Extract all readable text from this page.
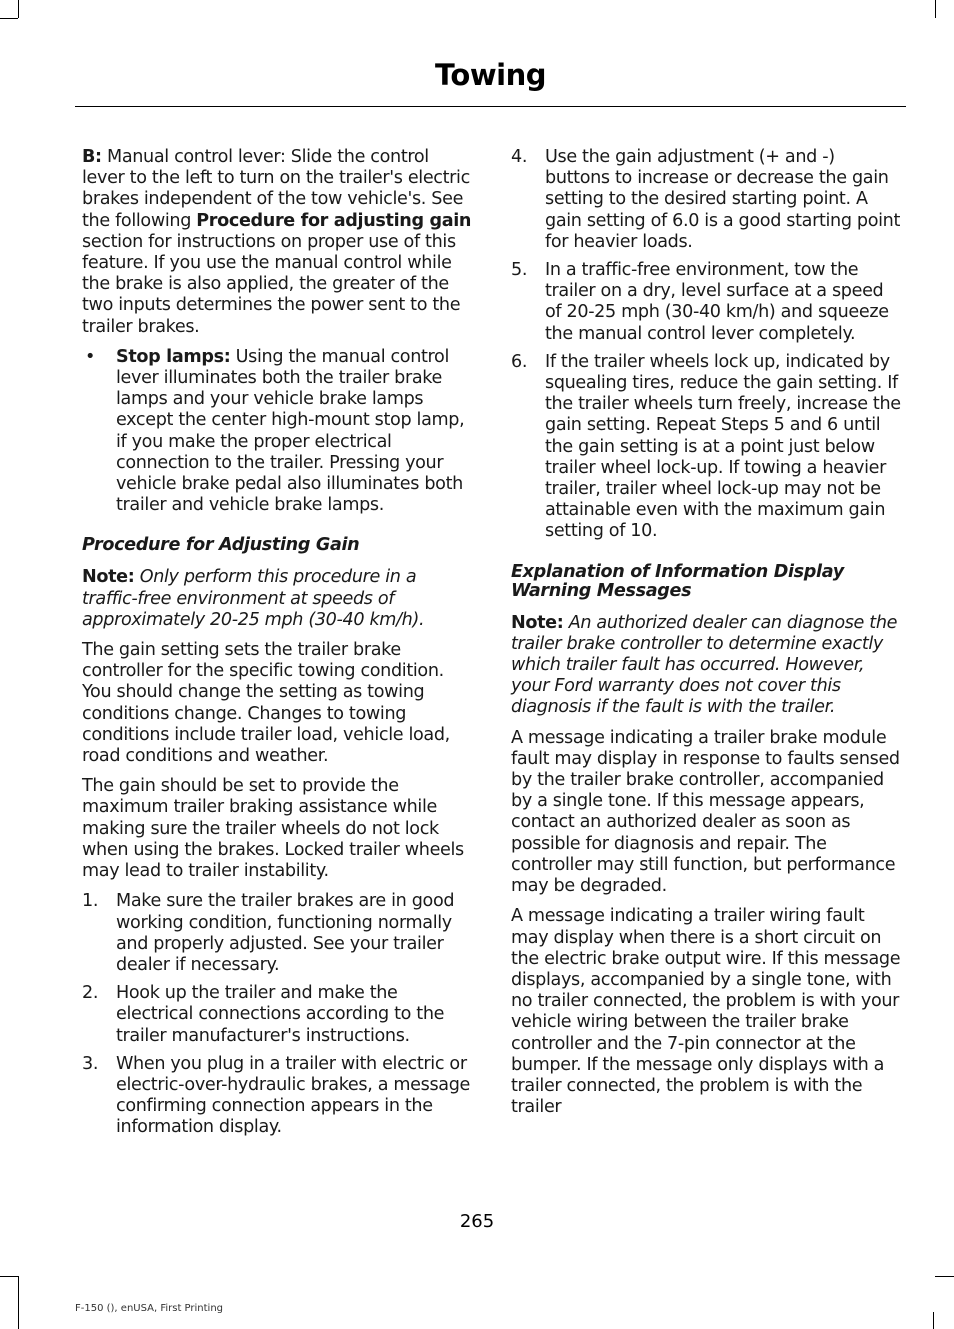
Towing

B: Manual control lever: Slide the control lever to the left to turn on the trailer's electric brakes independent of the tow vehicle's. See the following Procedure for adjusting gain section for instructions on proper use of this feature. If you use the manual control while the brake is also applied, the greater of the two inputs determines the power sent to the trailer brakes.

• Stop lamps: Using the manual control lever illuminates both the trailer brake lamps and your vehicle brake lamps except the center high-mount stop lamp, if you make the proper electrical connection to the trailer. Pressing your vehicle brake pedal also illuminates both trailer and vehicle brake lamps.
Procedure for Adjusting Gain

Note: Only perform this procedure in a traffic-free environment at speeds of approximately 20-25 mph (30-40 km/h).

The gain setting sets the trailer brake controller for the specific towing condition. You should change the setting as towing conditions change. Changes to towing conditions include trailer load, vehicle load, road conditions and weather.

The gain should be set to provide the maximum trailer braking assistance while making sure the trailer wheels do not lock when using the brakes. Locked trailer wheels may lead to trailer instability.

1. Make sure the trailer brakes are in good working condition, functioning normally and properly adjusted. See your trailer dealer if necessary.
2. Hook up the trailer and make the electrical connections according to the trailer manufacturer's instructions.
3. When you plug in a trailer with electric or electric-over-hydraulic brakes, a message confirming connection appears in the information display.
4. Use the gain adjustment (+ and -) buttons to increase or decrease the gain setting to the desired starting point. A gain setting of 6.0 is a good starting point for heavier loads.
5. In a traffic-free environment, tow the trailer on a dry, level surface at a speed of 20-25 mph (30-40 km/h) and squeeze the manual control lever completely.
6. If the trailer wheels lock up, indicated by squealing tires, reduce the gain setting. If the trailer wheels turn freely, increase the gain setting. Repeat Steps 5 and 6 until the gain setting is at a point just below trailer wheel lock-up. If towing a heavier trailer, trailer wheel lock-up may not be attainable even with the maximum gain setting of 10.
Explanation of Information Display Warning Messages

Note: An authorized dealer can diagnose the trailer brake controller to determine exactly which trailer fault has occurred. However, your Ford warranty does not cover this diagnosis if the fault is with the trailer.

A message indicating a trailer brake module fault may display in response to faults sensed by the trailer brake controller, accompanied by a single tone. If this message appears, contact an authorized dealer as soon as possible for diagnosis and repair. The controller may still function, but performance may be degraded.

A message indicating a trailer wiring fault may display when there is a short circuit on the electric brake output wire. If this message displays, accompanied by a single tone, with no trailer connected, the problem is with your vehicle wiring between the trailer brake controller and the 7-pin connector at the bumper. If the message only displays with a trailer connected, the problem is with the trailer

265
F-150 (), enUSA, First Printing
